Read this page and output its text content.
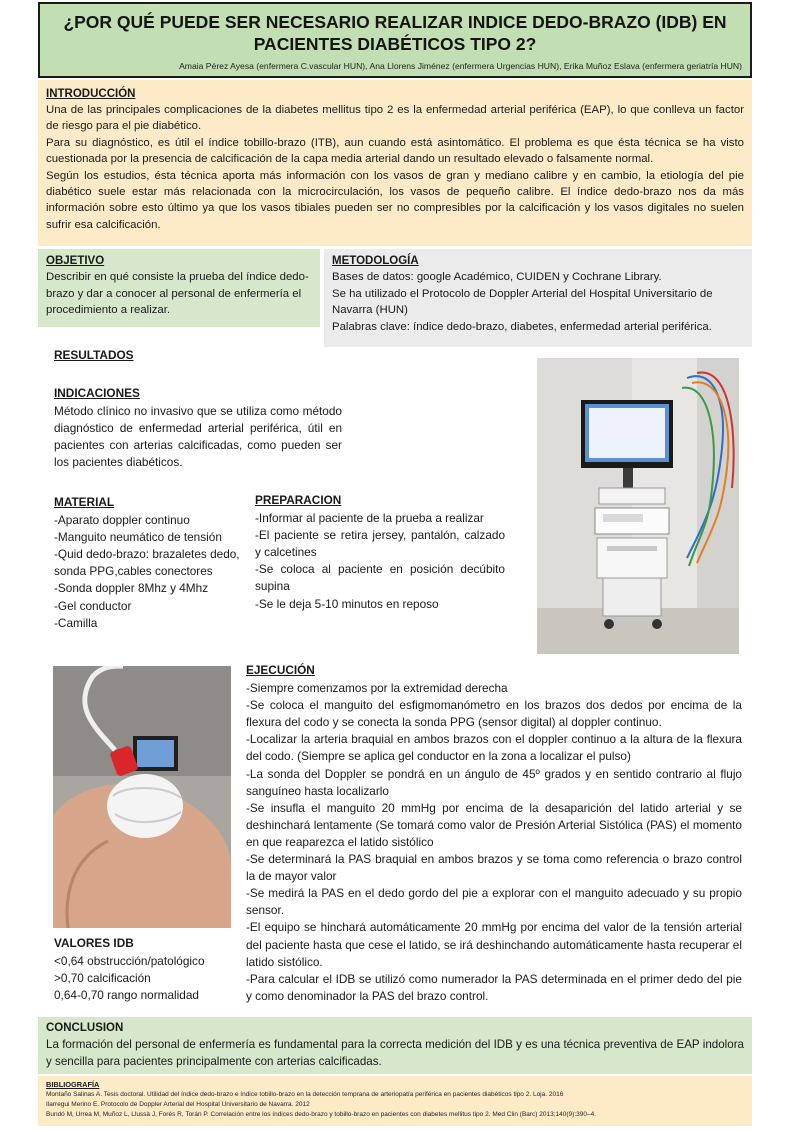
¿POR QUÉ PUEDE SER NECESARIO REALIZAR INDICE DEDO-BRAZO (IDB) EN
PACIENTES DIABÉTICOS TIPO 2?
Amaia Pérez Ayesa (enfermera C.vascular HUN), Ana Llorens Jiménez (enfermera Urgencias HUN), Erika Muñoz Eslava (enfermera geriatría HUN)
INTRODUCCIÓN

Una de las principales complicaciones de la diabetes mellitus tipo 2 es la enfermedad arterial periférica (EAP), lo que conlleva un factor de riesgo para el pie diabético.

Para su diagnóstico, es útil el índice tobillo-brazo (ITB), aun cuando está asintomático. El problema es que ésta técnica se ha visto cuestionada por la presencia de calcificación de la capa media arterial dando un resultado elevado o falsamente normal.

Según los estudios, ésta técnica aporta más información con los vasos de gran y mediano calibre y en cambio, la etiología del pie diabético suele estar más relacionada con la microcirculación, los vasos de pequeño calibre. El índice dedo-brazo nos da más información sobre esto último ya que los vasos tibiales pueden ser no compresibles por la calcificación y los vasos digitales no suelen sufrir esa calcificación.

OBJETIVO

Describir en qué consiste la prueba del índice dedo-brazo y dar a conocer al personal de enfermería el procedimiento a realizar.

METODOLOGÍA

Bases de datos: google Académico, CUIDEN y Cochrane Library.

Se ha utilizado el Protocolo de Doppler Arterial del Hospital Universitario de Navarra (HUN)

Palabras clave: índice dedo-brazo, diabetes, enfermedad arterial periférica.

RESULTADOS
INDICACIONES

Método clínico no invasivo que se utiliza como método diagnóstico de enfermedad arterial periférica, útil en pacientes con arterias calcificadas, como pueden ser los pacientes diabéticos.

MATERIAL
-Aparato doppler continuo
-Manguito neumático de tensión
-Quid dedo-brazo: brazaletes dedo, sonda PPG,cables conectores
-Sonda doppler 8Mhz y 4Mhz
-Gel conductor
-Camilla
PREPARACION
-Informar al paciente de la prueba a realizar
-El paciente se retira jersey, pantalón, calzado y calcetines
-Se coloca al paciente en posición decúbito supina
-Se le deja 5-10 minutos en reposo
EJECUCIÓN
-Siempre comenzamos por la extremidad derecha
-Se coloca el manguito del esfigmomanómetro en los brazos dos dedos por encima de la flexura del codo y se conecta la sonda PPG (sensor digital) al doppler continuo.
-Localizar la arteria braquial en ambos brazos con el doppler continuo a la altura de la flexura del codo. (Siempre se aplica gel conductor en la zona a localizar el pulso)
-La sonda del Doppler se pondrá en un ángulo de 45º grados y en sentido contrario al flujo sanguíneo hasta localizarlo
-Se insufla el manguito 20 mmHg por encima de la desaparición del latido arterial y se deshinchará lentamente (Se tomará como valor de Presión Arterial Sistólica (PAS) el momento en que reaparezca el latido sistólico
-Se determinará la PAS braquial en ambos brazos y se toma como referencia o brazo control la de mayor valor
-Se medirá la PAS en el dedo gordo del pie a explorar con el manguito adecuado y su propio sensor.
-El equipo se hinchará automáticamente 20 mmHg por encima del valor de la tensión arterial del paciente hasta que cese el latido, se irá deshinchando automáticamente hasta recuperar el latido sistólico.
-Para calcular el IDB se utilizó como numerador la PAS determinada en el primer dedo del pie y como denominador la PAS del brazo control.
VALORES IDB
<0,64 obstrucción/patológico
>0,70 calcificación
0,64-0,70 rango normalidad
CONCLUSION

La formación del personal de enfermería es fundamental para la correcta medición del IDB y es una técnica preventiva de EAP indolora y sencilla para pacientes principalmente con arterias calcificadas.

BIBLIOGRAFÍA
Montaño Salinas A. Tesis doctoral. Utilidad del índice dedo-brazo e índice tobillo-brazo en la detección temprana de arteriopatía periférica en pacientes diabéticos tipo 2. Loja. 2016
Ilarregui Merino E. Protocolo de Doppler Arterial del Hospital Universitario de Navarra. 2012
Bundó M, Urrea M, Muñoz L, Llussà J, Forés R, Torán P. Correlación entre los índices dedo-brazo y tobillo-brazo en pacientes con diabetes mellitus tipo 2. Med Clin (Barc) 2013;140(9):390–4.
